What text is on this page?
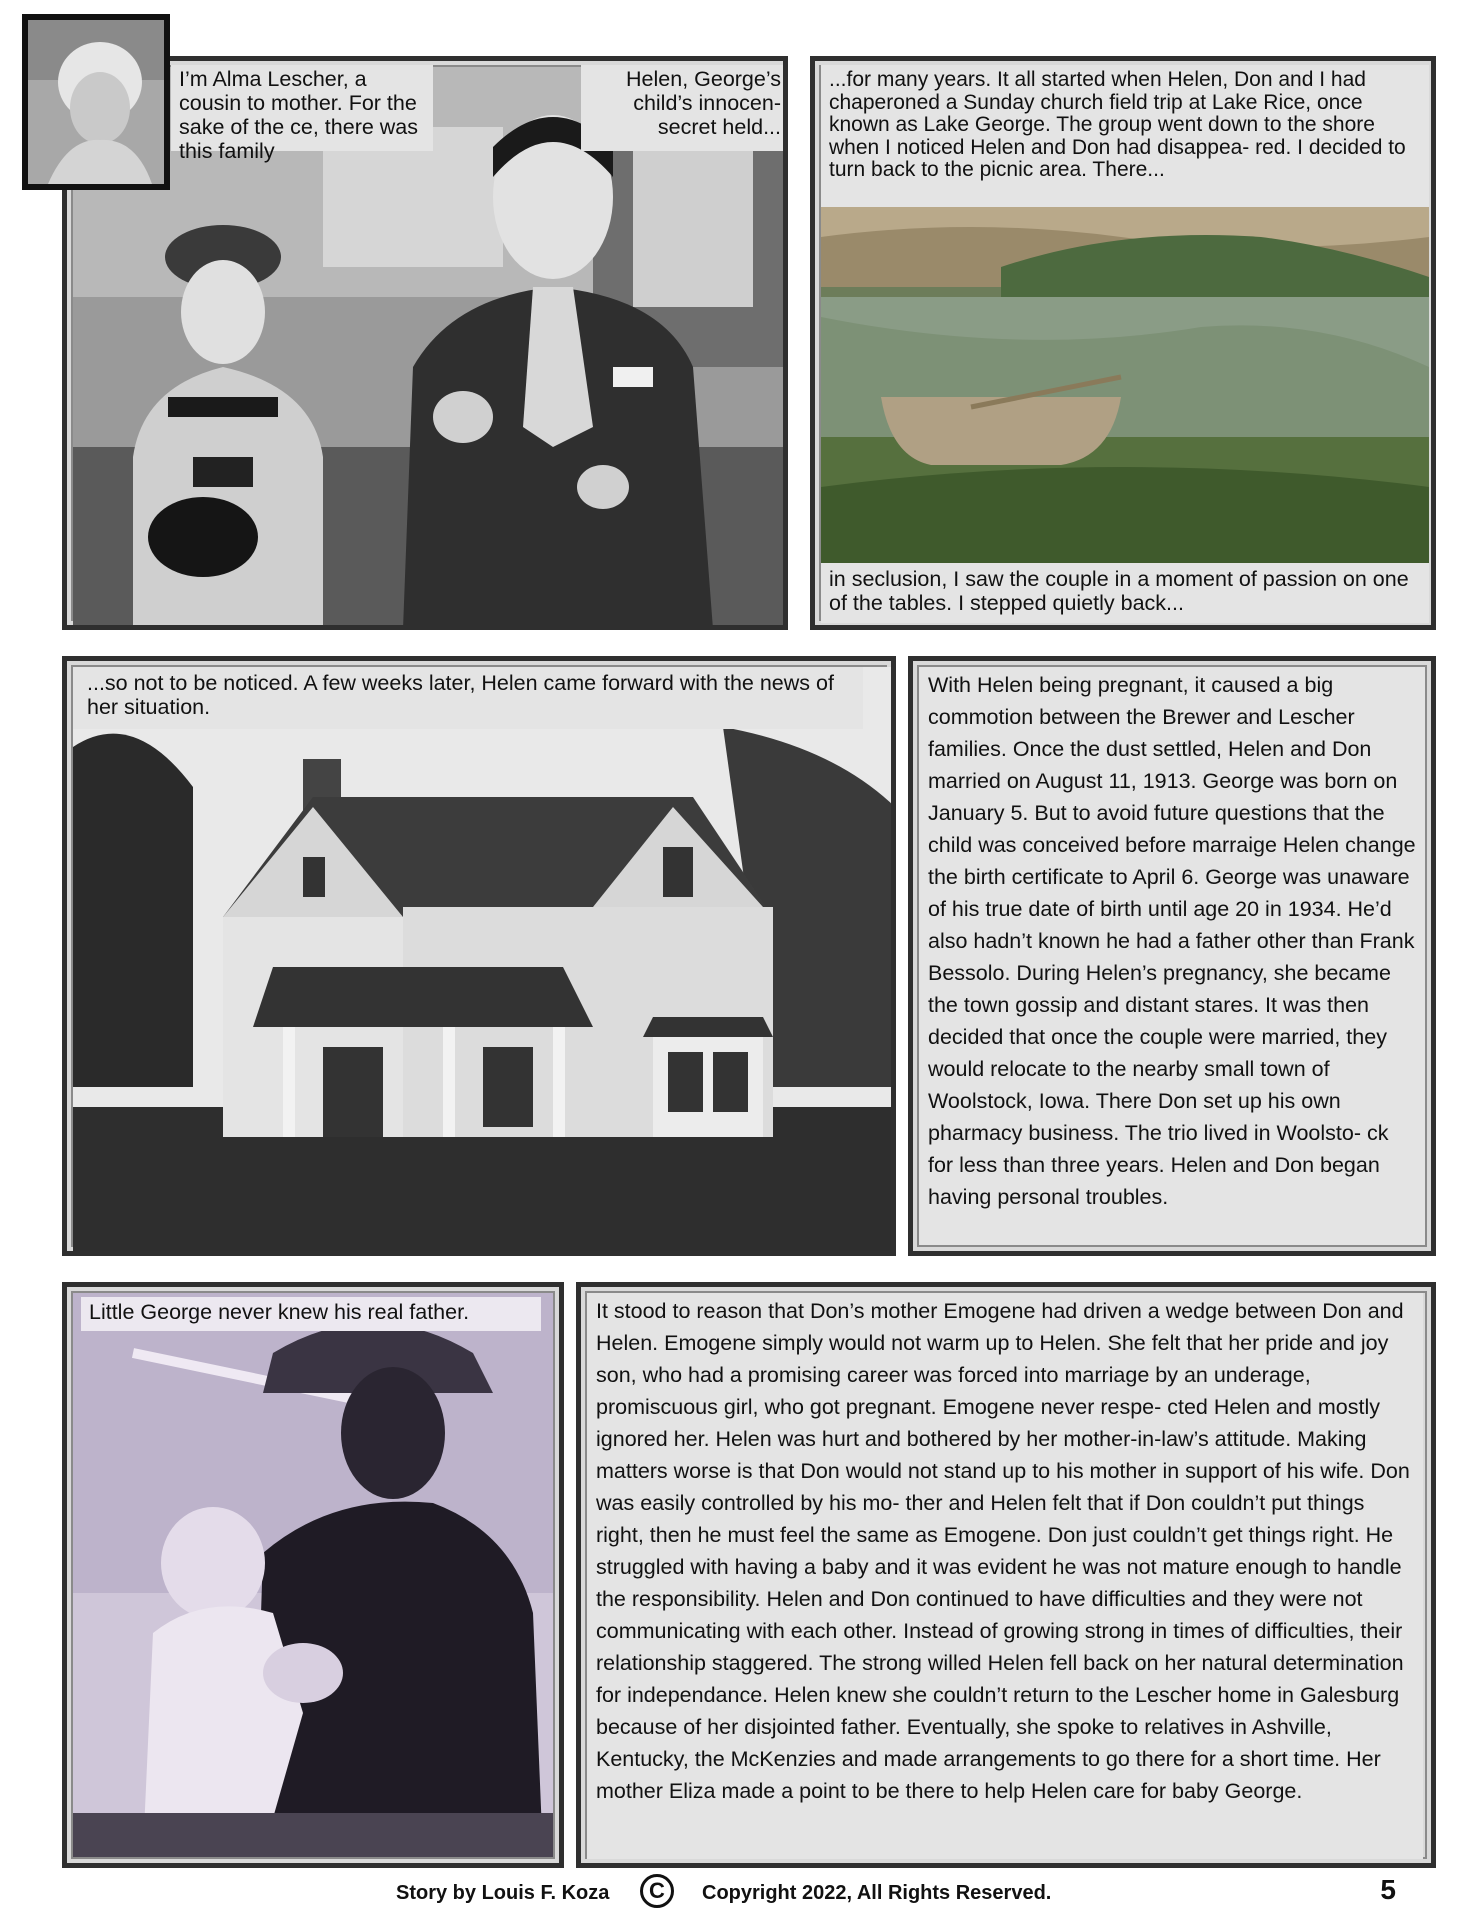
I’m Alma Lescher, a cousin to mother. For the sake of the ce, there was this family

Helen, George’s child’s innocen- secret held...

...for many years. It all started when Helen, Don and I had chaperoned a Sunday church field trip at Lake Rice, once known as Lake George. The group went down to the shore when I noticed Helen and Don had disappea- red. I decided to turn back to the picnic area. There...

in seclusion, I saw the couple in a moment of passion on one of the tables. I stepped quietly back...

...so not to be noticed. A few weeks later, Helen came forward with the news of her situation.

With Helen being pregnant, it caused a big commotion between the Brewer and Lescher families. Once the dust settled, Helen and Don married on August 11, 1913. George was born on January 5. But to avoid future questions that the child was conceived before marraige Helen change the birth certificate to April 6. George was unaware of his true date of birth until age 20 in 1934. He’d also hadn’t known he had a father other than Frank Bessolo. During Helen’s pregnancy, she became the town gossip and distant stares. It was then decided that once the couple were married, they would relocate to the nearby small town of Woolstock, Iowa. There Don set up his own pharmacy business. The trio lived in Woolsto- ck for less than three years. Helen and Don began having personal troubles.

Little George never knew his real father.	It stood to reason that Don’s mother Emogene had driven a wedge between Don and Helen. Emogene simply would not warm up to Helen. She felt that her pride and joy son, who had a promising career was forced into marriage by an underage, promiscuous girl, who got pregnant. Emogene never respe- cted Helen and mostly ignored her. Helen was hurt and bothered by her mother-in-law’s attitude. Making matters worse is that Don would not stand up to his mother in support of his wife. Don was easily controlled by his mo- ther and Helen felt that if Don couldn’t put things right, then he must feel the same as Emogene. Don just couldn’t get things right. He struggled with having a baby and it was evident he was not mature enough to handle the responsibility. Helen and Don continued to have difficulties and they were not communicating with each other. Instead of growing strong in times of difficulties, their relationship staggered. The strong willed Helen fell back on her natural determination for independance. Helen knew she couldn’t return to the Lescher home in Galesburg because of her disjointed father. Eventually, she spoke to relatives in Ashville, Kentucky, the McKenzies and made arrangements to go there for a short time. Her mother Eliza made a point to be there to help Helen care for baby George.

Story by Louis F. Koza	C	Copyright 2022, All Rights Reserved.	5
